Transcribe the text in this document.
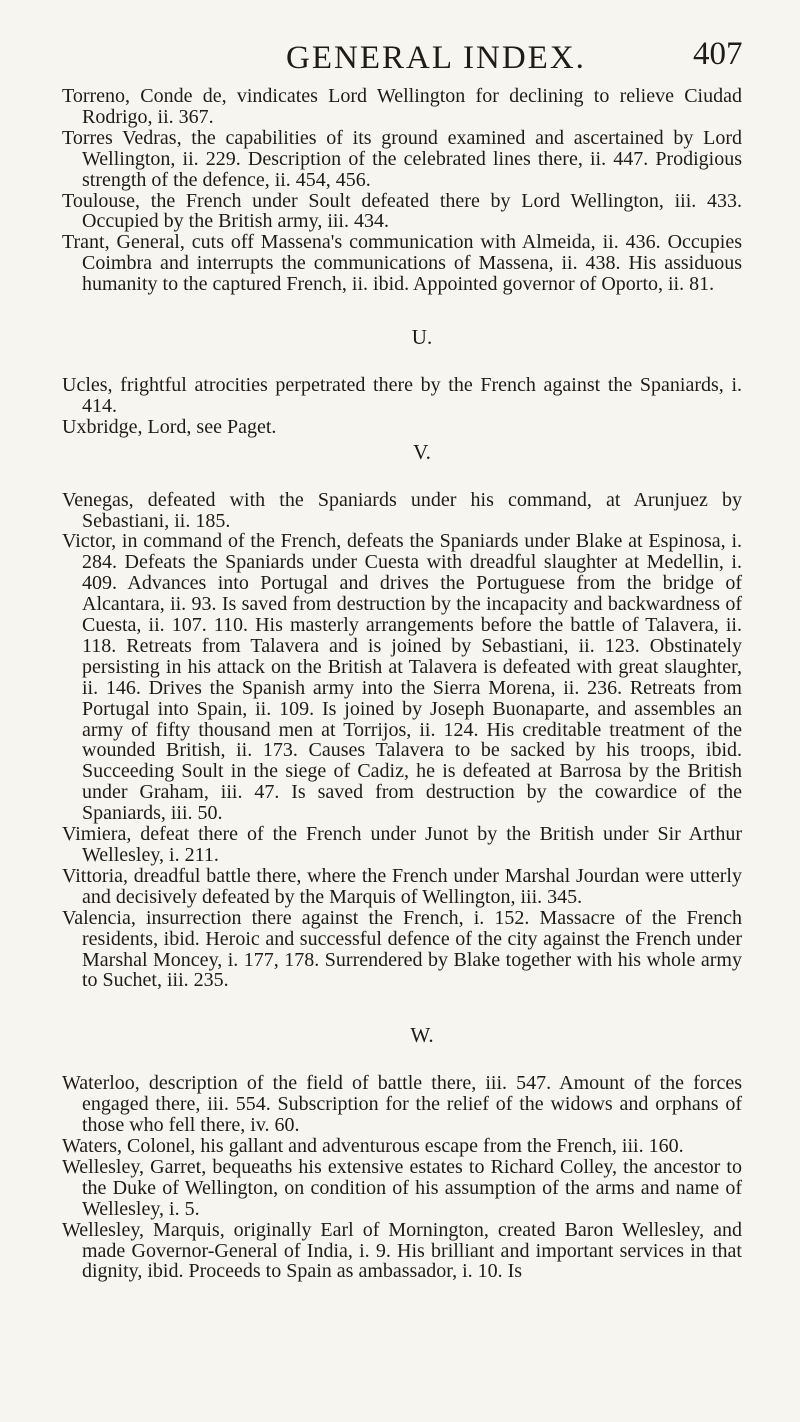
GENERAL INDEX.	407

Torreno, Conde de, vindicates Lord Wellington for declining to relieve Ciudad Rodrigo, ii. 367.

Torres Vedras, the capabilities of its ground examined and ascertained by Lord Wellington, ii. 229. Description of the celebrated lines there, ii. 447. Prodigious strength of the defence, ii. 454, 456.

Toulouse, the French under Soult defeated there by Lord Wellington, iii. 433. Occupied by the British army, iii. 434.

Trant, General, cuts off Massena's communication with Almeida, ii. 436. Occupies Coimbra and interrupts the communications of Massena, ii. 438. His assiduous humanity to the captured French, ii. ibid. Appointed governor of Oporto, ii. 81.

U.

Ucles, frightful atrocities perpetrated there by the French against the Spaniards, i. 414.

Uxbridge, Lord, see Paget.

V.

Venegas, defeated with the Spaniards under his command, at Arunjuez by Sebastiani, ii. 185.

Victor, in command of the French, defeats the Spaniards under Blake at Espinosa, i. 284. Defeats the Spaniards under Cuesta with dreadful slaughter at Medellin, i. 409. Advances into Portugal and drives the Portuguese from the bridge of Alcantara, ii. 93. Is saved from destruction by the incapacity and backwardness of Cuesta, ii. 107. 110. His masterly arrangements before the battle of Talavera, ii. 118. Retreats from Talavera and is joined by Sebastiani, ii. 123. Obstinately persisting in his attack on the British at Talavera is defeated with great slaughter, ii. 146. Drives the Spanish army into the Sierra Morena, ii. 236. Retreats from Portugal into Spain, ii. 109. Is joined by Joseph Buonaparte, and assembles an army of fifty thousand men at Torrijos, ii. 124. His creditable treatment of the wounded British, ii. 173. Causes Talavera to be sacked by his troops, ibid. Succeeding Soult in the siege of Cadiz, he is defeated at Barrosa by the British under Graham, iii. 47. Is saved from destruction by the cowardice of the Spaniards, iii. 50.

Vimiera, defeat there of the French under Junot by the British under Sir Arthur Wellesley, i. 211.

Vittoria, dreadful battle there, where the French under Marshal Jourdan were utterly and decisively defeated by the Marquis of Wellington, iii. 345.

Valencia, insurrection there against the French, i. 152. Massacre of the French residents, ibid. Heroic and successful defence of the city against the French under Marshal Moncey, i. 177, 178. Surrendered by Blake together with his whole army to Suchet, iii. 235.

W.

Waterloo, description of the field of battle there, iii. 547. Amount of the forces engaged there, iii. 554. Subscription for the relief of the widows and orphans of those who fell there, iv. 60.

Waters, Colonel, his gallant and adventurous escape from the French, iii. 160.

Wellesley, Garret, bequeaths his extensive estates to Richard Colley, the ancestor to the Duke of Wellington, on condition of his assumption of the arms and name of Wellesley, i. 5.

Wellesley, Marquis, originally Earl of Mornington, created Baron Wellesley, and made Governor-General of India, i. 9. His brilliant and important services in that dignity, ibid. Proceeds to Spain as ambassador, i. 10. Is
